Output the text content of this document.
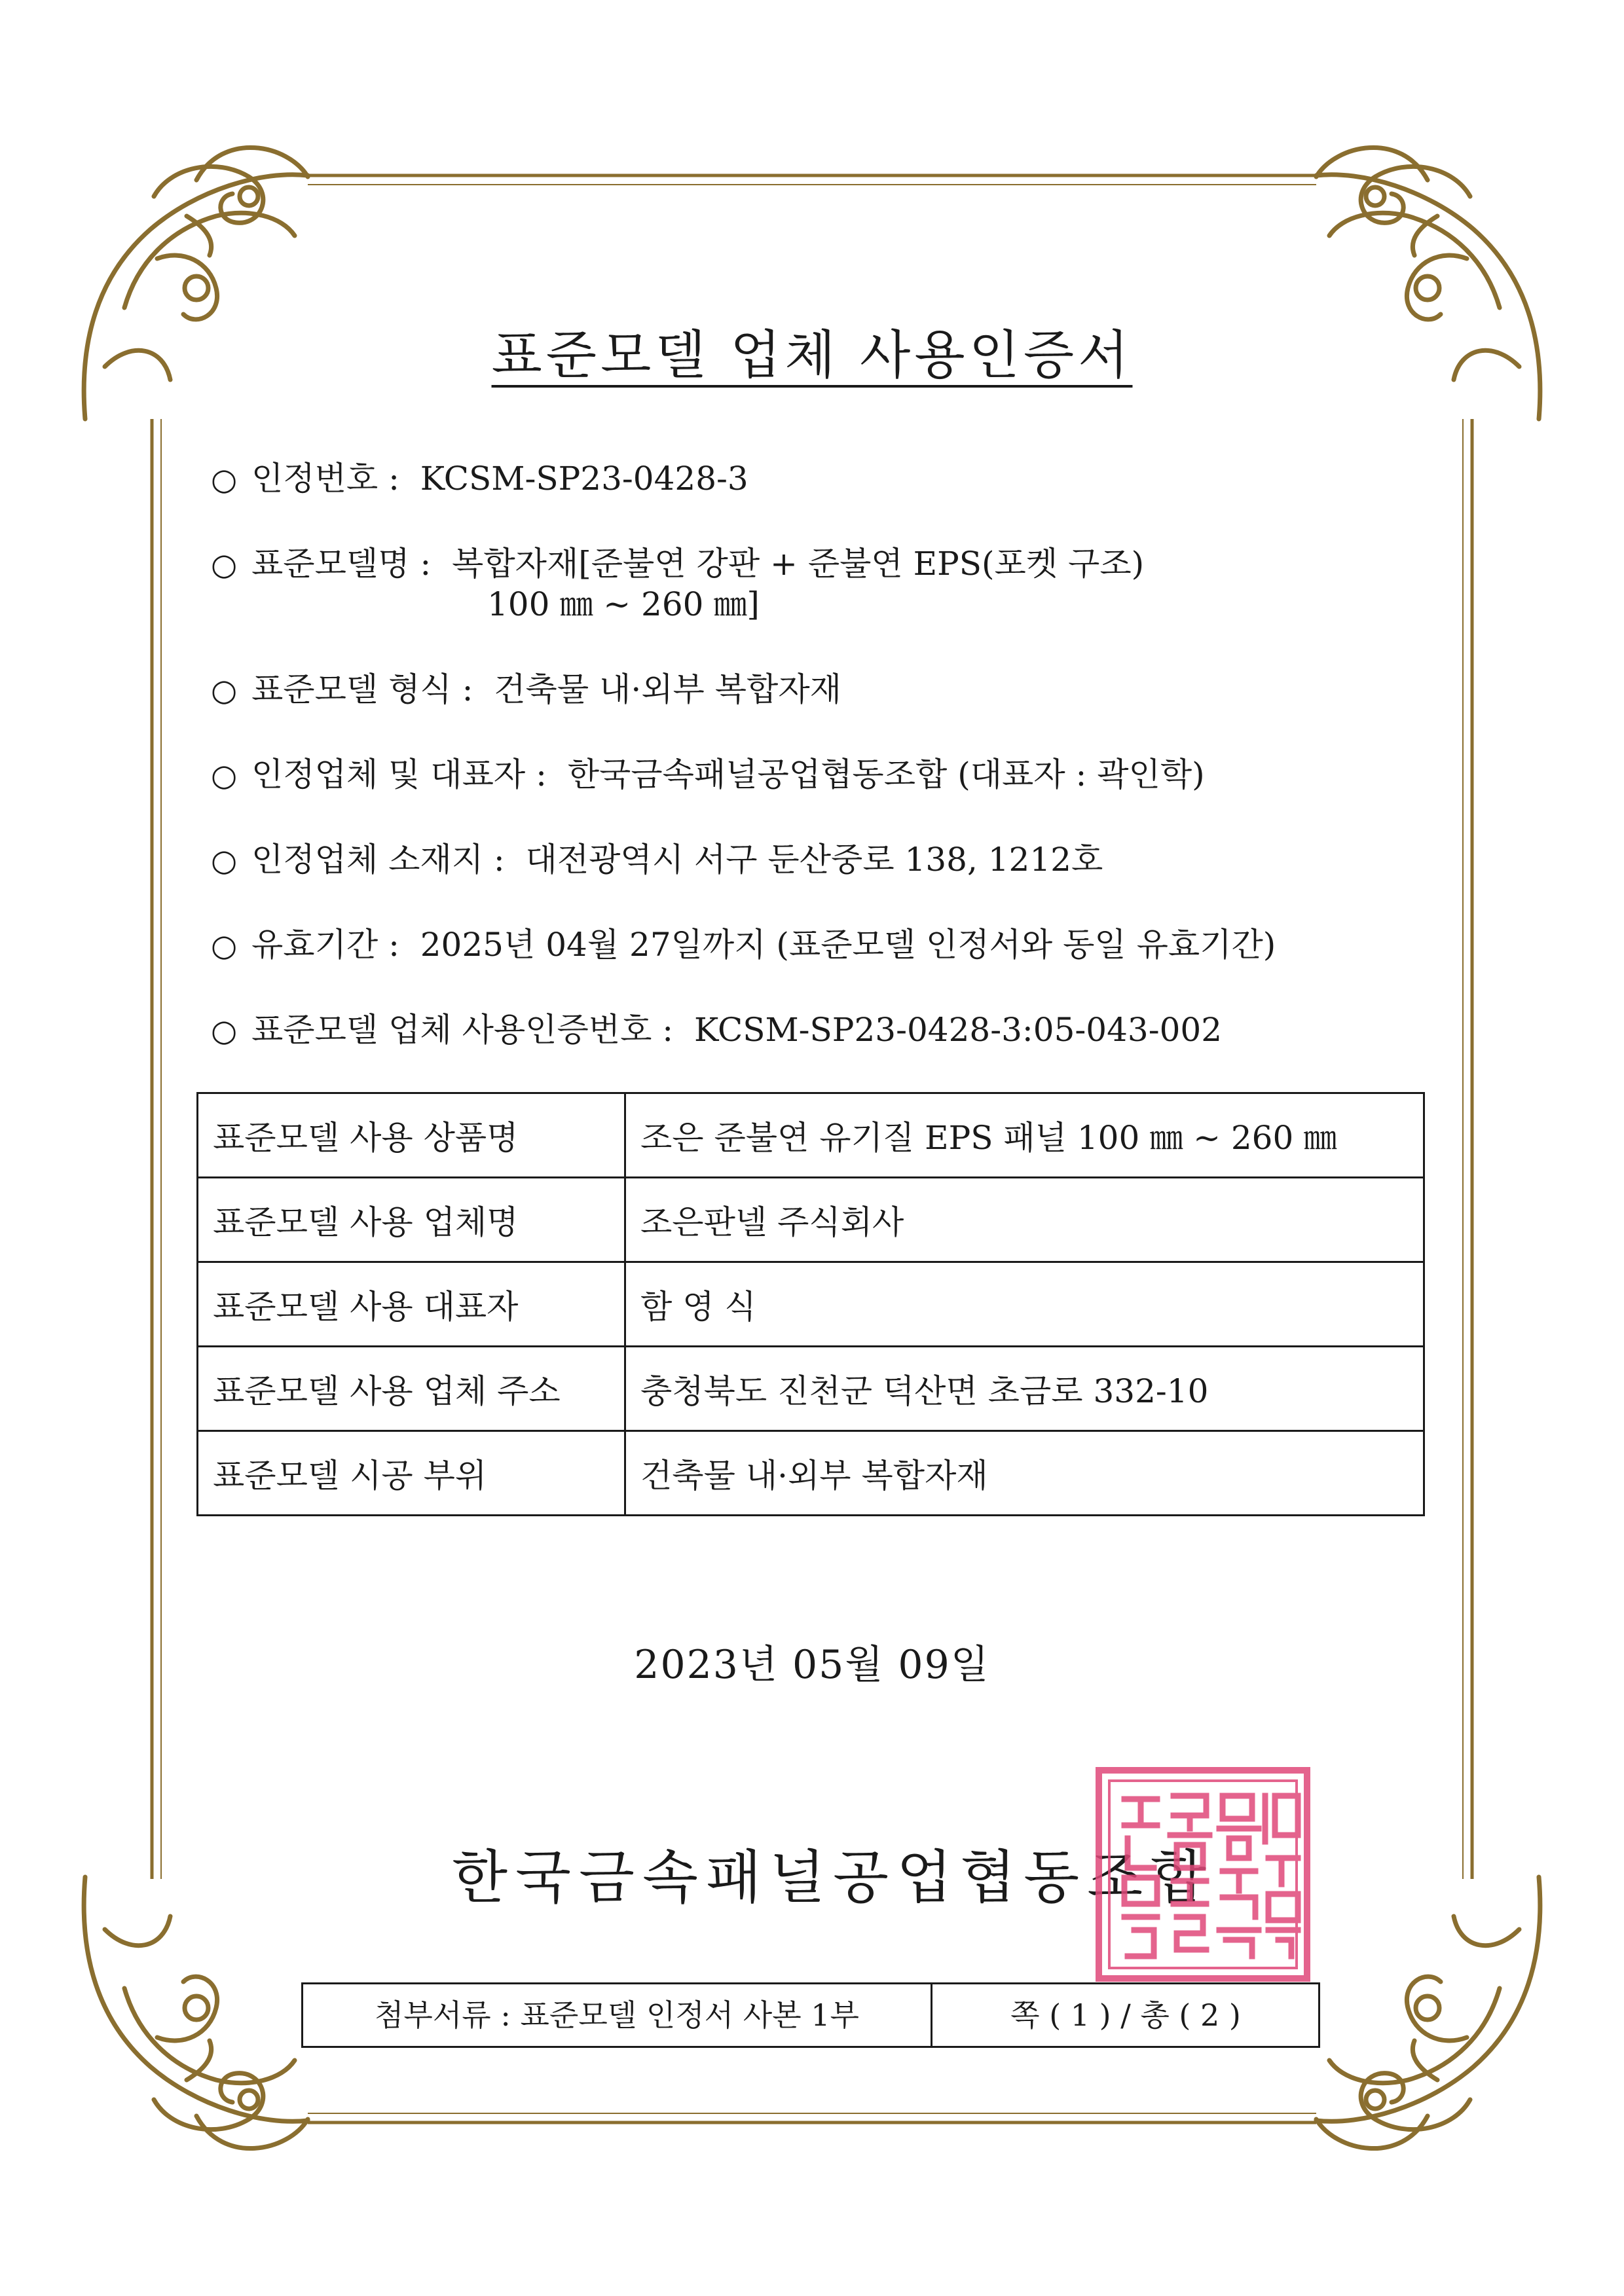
표준모델 업체 사용인증서
○ 인정번호 : KCSM-SP23-0428-3
○ 표준모델명 : 복합자재[준불연 강판 + 준불연 EPS(포켓 구조)
100 ㎜ ~ 260 ㎜]
○ 표준모델 형식 : 건축물 내·외부 복합자재
○ 인정업체 및 대표자 : 한국금속패널공업협동조합 (대표자 : 곽인학)
○ 인정업체 소재지 : 대전광역시 서구 둔산중로 138, 1212호
○ 유효기간 : 2025년 04월 27일까지 (표준모델 인정서와 동일 유효기간)
○ 표준모델 업체 사용인증번호 : KCSM-SP23-0428-3:05-043-002
표준모델 사용 상품명	조은 준불연 유기질 EPS 패널 100 ㎜ ~ 260 ㎜
표준모델 사용 업체명	조은판넬 주식회사
표준모델 사용 대표자	함 영 식
표준모델 사용 업체 주소	충청북도 진천군 덕산면 초금로 332-10
표준모델 시공 부위	건축물 내·외부 복합자재
2023년 05월 09일
한국금속패널공업협동조합
첨부서류 : 표준모델 인정서 사본 1부	쪽 ( 1 ) / 총 ( 2 )
